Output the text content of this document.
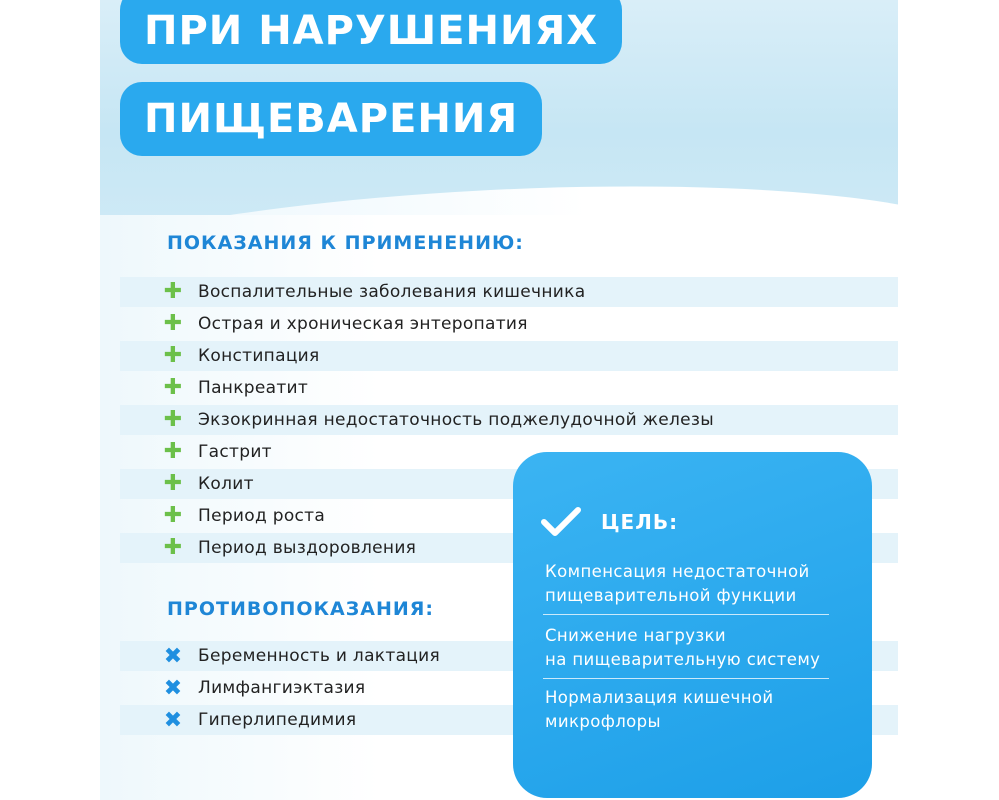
ПРИ НАРУШЕНИЯХ
ПИЩЕВАРЕНИЯ
ПОКАЗАНИЯ К ПРИМЕНЕНИЮ:
✚ Воспалительные заболевания кишечника
✚ Острая и хроническая энтеропатия
✚ Констипация
✚ Панкреатит
✚ Экзокринная недостаточность поджелудочной железы
✚ Гастрит
✚ Колит
✚ Период роста
✚ Период выздоровления
ПРОТИВОПОКАЗАНИЯ:
✖ Беременность и лактация
✖ Лимфангиэктазия
✖ Гиперлипедимия
ЦЕЛЬ:
Компенсация недостаточной
пищеварительной функции
Снижение нагрузки
на пищеварительную систему
Нормализация кишечной
микрофлоры
